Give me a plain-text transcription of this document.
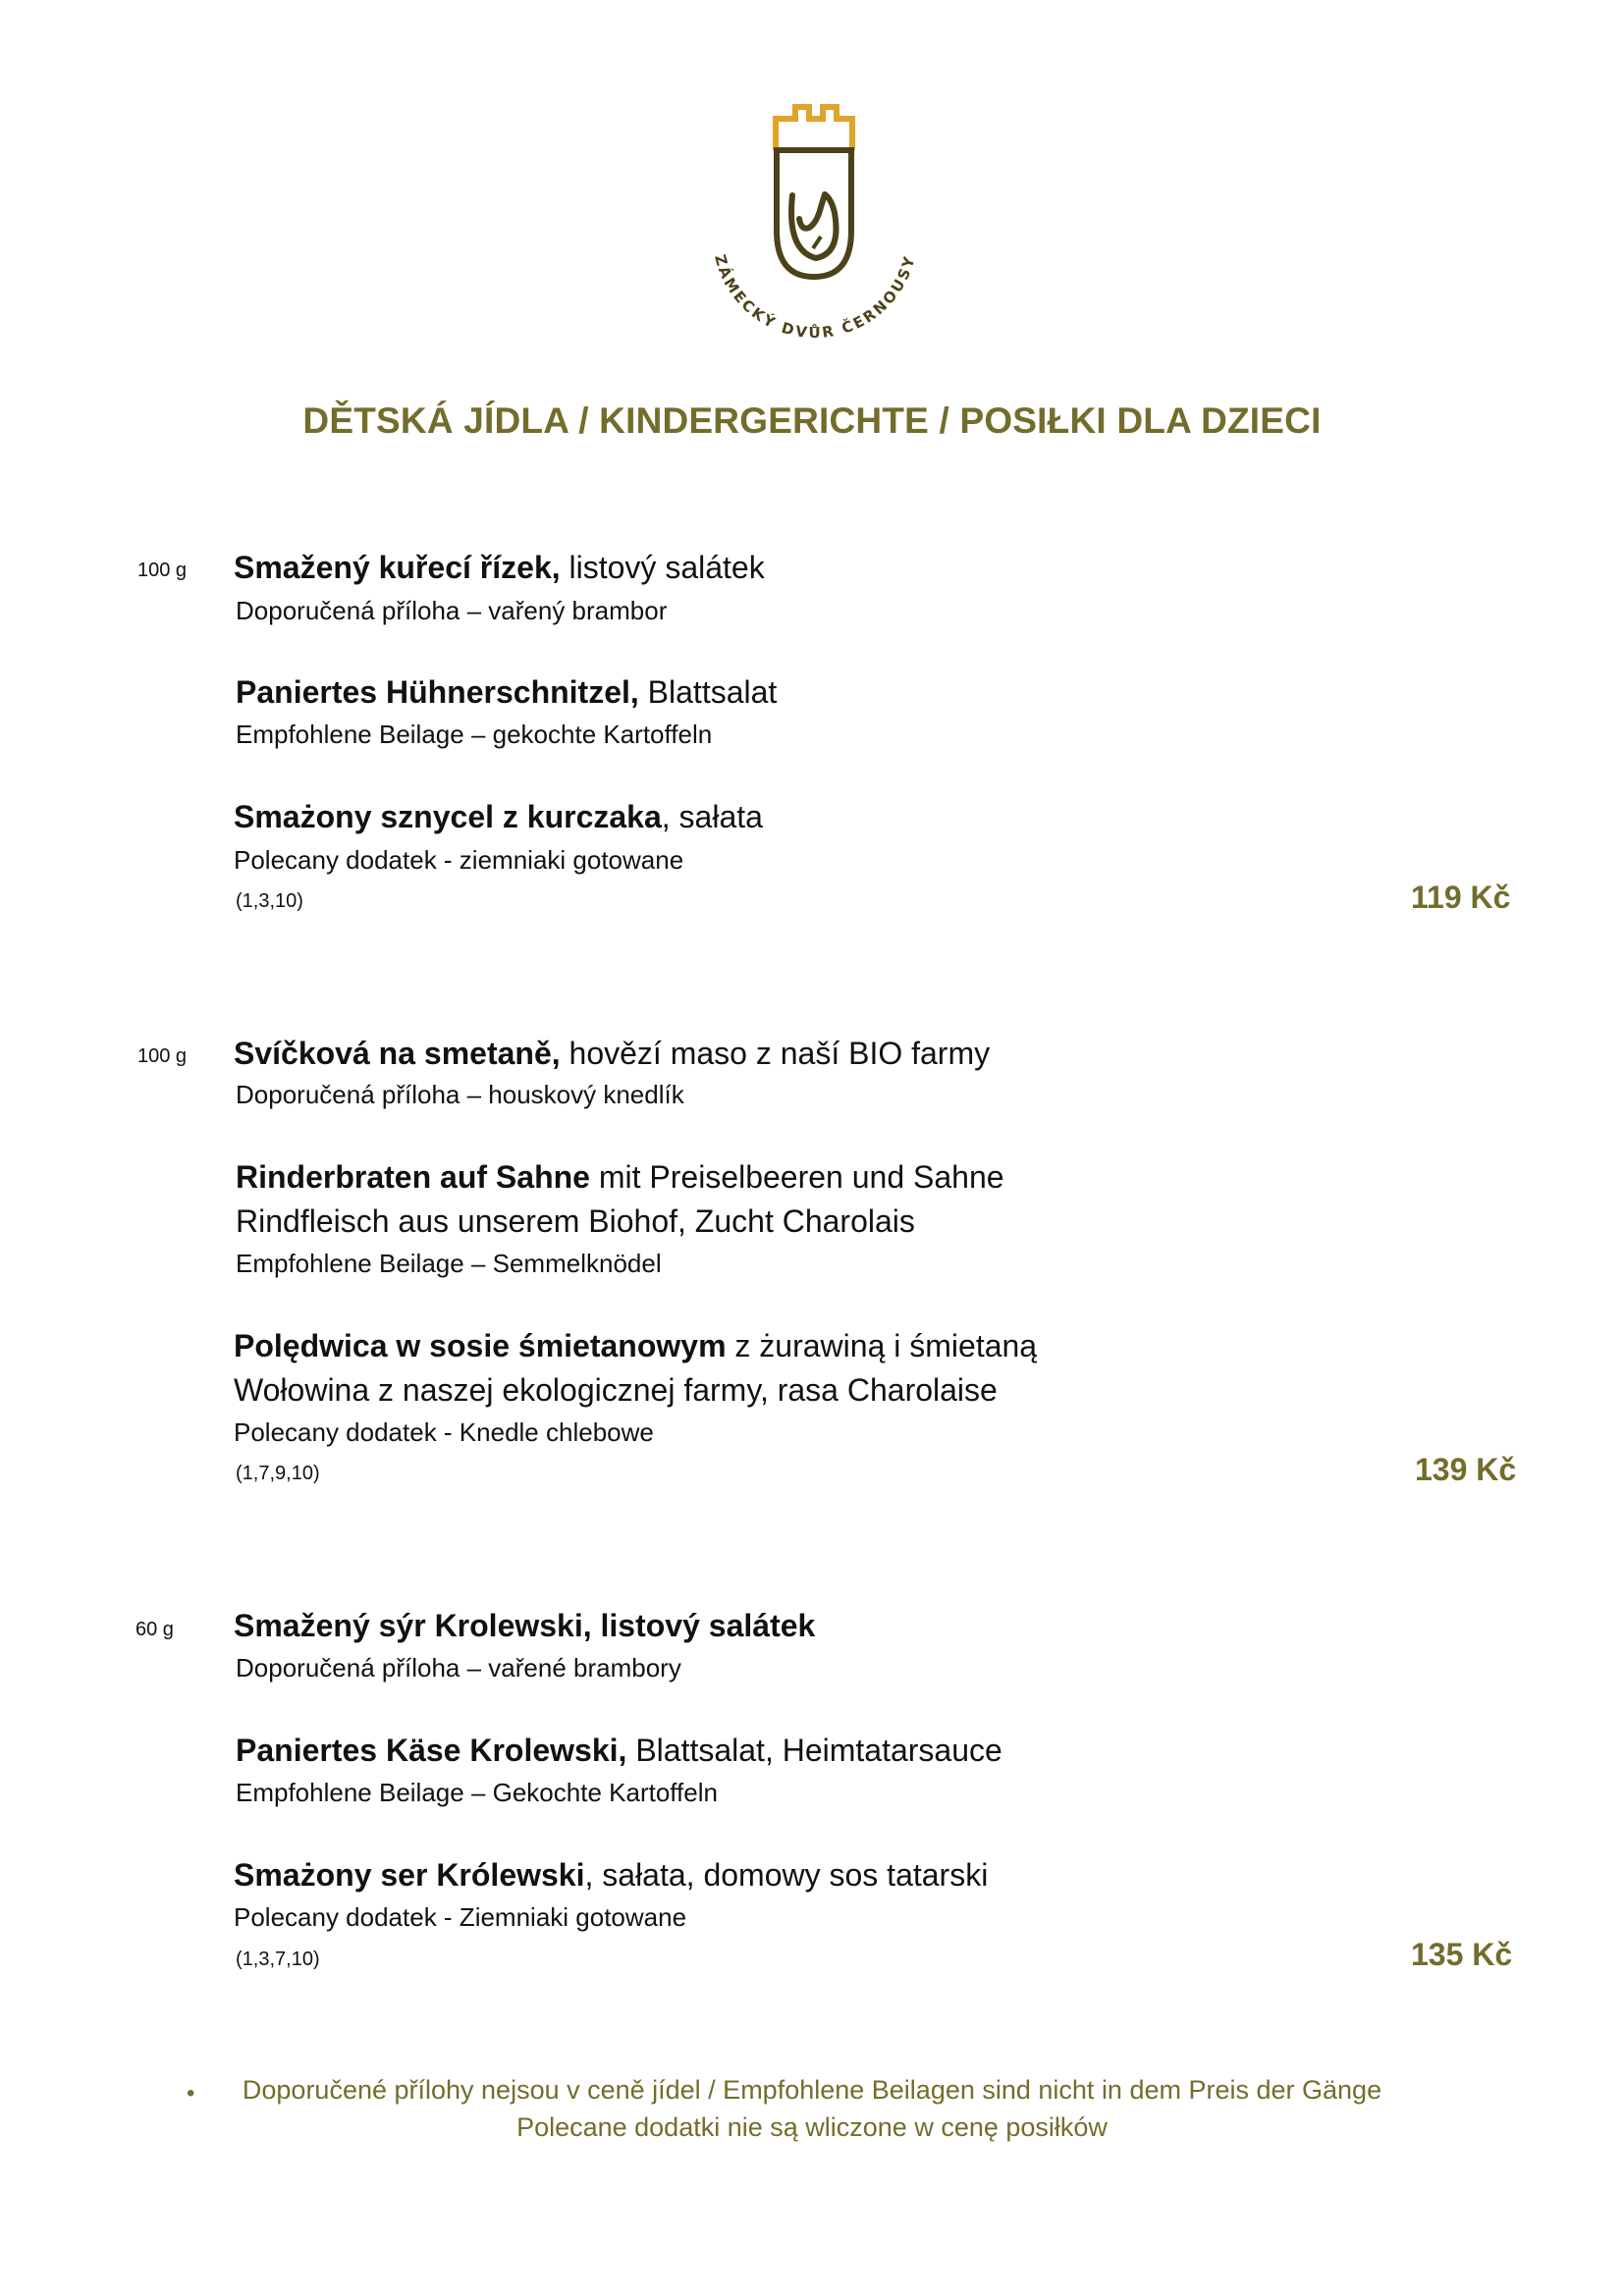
ZÁMECKÝ DVŮR ČERNOUSY
DĚTSKÁ JÍDLA / KINDERGERICHTE / POSIŁKI DLA DZIECI
100 g Smažený kuřecí řízek, listový salátek
Doporučená příloha – vařený brambor
Paniertes Hühnerschnitzel, Blattsalat
Empfohlene Beilage – gekochte Kartoffeln
Smażony sznycel z kurczaka, sałata
Polecany dodatek - ziemniaki gotowane
(1,3,10)	119 Kč
100 g Svíčková na smetaně, hovězí maso z naší BIO farmy
Doporučená příloha – houskový knedlík
Rinderbraten auf Sahne mit Preiselbeeren und Sahne
Rindfleisch aus unserem Biohof, Zucht Charolais
Empfohlene Beilage – Semmelknödel
Polędwica w sosie śmietanowym z żurawiną i śmietaną
Wołowina z naszej ekologicznej farmy, rasa Charolaise
Polecany dodatek - Knedle chlebowe
(1,7,9,10)	139 Kč
60 g Smažený sýr Krolewski, listový salátek
Doporučená příloha – vařené brambory
Paniertes Käse Krolewski, Blattsalat, Heimtatarsauce
Empfohlene Beilage – Gekochte Kartoffeln
Smażony ser Królewski, sałata, domowy sos tatarski
Polecany dodatek - Ziemniaki gotowane
(1,3,7,10)	135 Kč
•	Doporučené přílohy nejsou v ceně jídel / Empfohlene Beilagen sind nicht in dem Preis der Gänge
Polecane dodatki nie są wliczone w cenę posiłków
